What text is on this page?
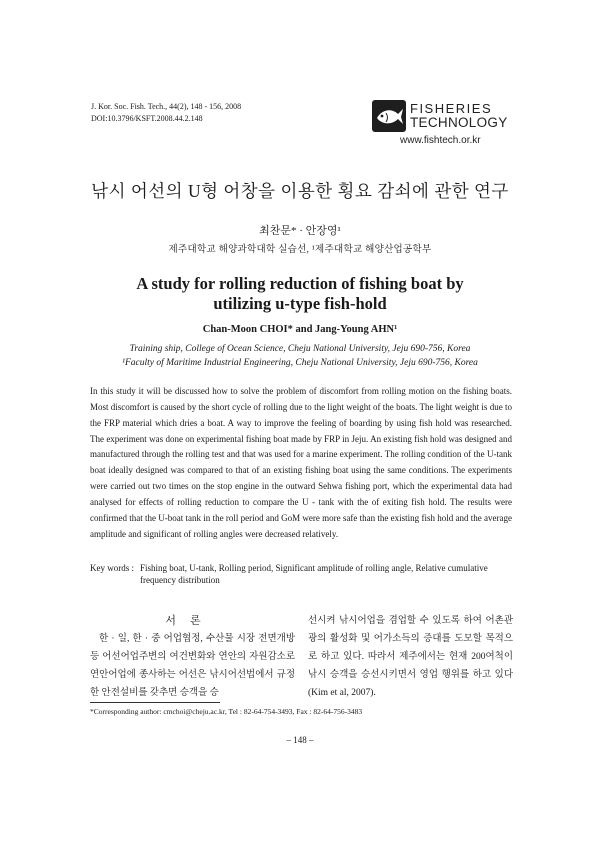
J. Kor. Soc. Fish. Tech., 44(2), 148 - 156, 2008
DOI:10.3796/KSFT.2008.44.2.148
FISHERIES
TECHNOLOGY
www.fishtech.or.kr
낚시 어선의 U형 어창을 이용한 횡요 감쇠에 관한 연구
최찬문* · 안장영¹
제주대학교 해양과학대학 실습선, ¹제주대학교 해양산업공학부
A study for rolling reduction of fishing boat by
utilizing u-type fish-hold
Chan-Moon CHOI* and Jang-Young AHN¹
Training ship, College of Ocean Science, Cheju National University, Jeju 690-756, Korea
¹Faculty of Maritime Industrial Engineering, Cheju National University, Jeju 690-756, Korea
In this study it will be discussed how to solve the problem of discomfort from rolling motion on the fishing boats. Most discomfort is caused by the short cycle of rolling due to the light weight of the boats. The light weight is due to the FRP material which dries a boat. A way to improve the feeling of boarding by using fish hold was researched. The experiment was done on experimental fishing boat made by FRP in Jeju. An existing fish hold was designed and manufactured through the rolling test and that was used for a marine experiment. The rolling condition of the U-tank boat ideally designed was compared to that of an existing fishing boat using the same conditions. The experiments were carried out two times on the stop engine in the outward Sehwa fishing port, which the experimental data had analysed for effects of rolling reduction to compare the U - tank with the of exiting fish hold. The results were confirmed that the U-boat tank in the roll period and GoM were more safe than the existing fish hold and the average amplitude and significant of rolling angles were decreased relatively.
Key words : Fishing boat, U-tank, Rolling period, Significant amplitude of rolling angle, Relative cumulative frequency distribution
서론
한 · 일, 한 · 중 어업협정, 수산물 시장 전면개방 등 어선어업주변의 여건변화와 연안의 자원감소로 연안어업에 종사하는 어선은 낚시어선법에서 규정한 안전설비를 갖추면 승객을 승
선시켜 낚시어업을 겸업할 수 있도록 하여 어촌관광의 활성화 및 어가소득의 증대를 도모할 목적으로 하고 있다. 따라서 제주에서는 현재 200여척이 낚시 승객을 승선시키면서 영업 행위를 하고 있다(Kim et al, 2007).
*Corresponding author: cmchoi@cheju.ac.kr, Tel : 82-64-754-3493, Fax : 82-64-756-3483
– 148 –
